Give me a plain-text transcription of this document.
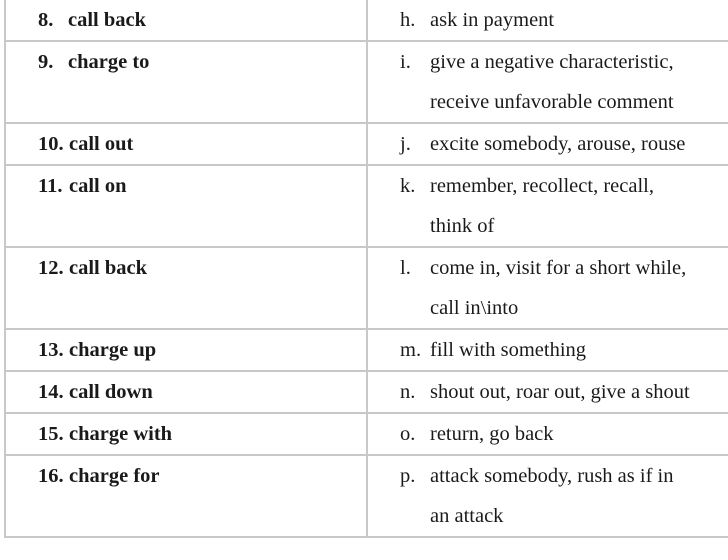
8. call back	h. ask in payment

9. charge to	i. give a negative characteristic,
receive unfavorable comment

10. call out	j. excite somebody, arouse, rouse

11. call on	k. remember, recollect, recall,
think of

12. call back	l. come in, visit for a short while,
call in\into

13. charge up	m. fill with something

14. call down	n. shout out, roar out, give a shout

15. charge with	o. return, go back

16. charge for	p. attack somebody, rush as if in
an attack
